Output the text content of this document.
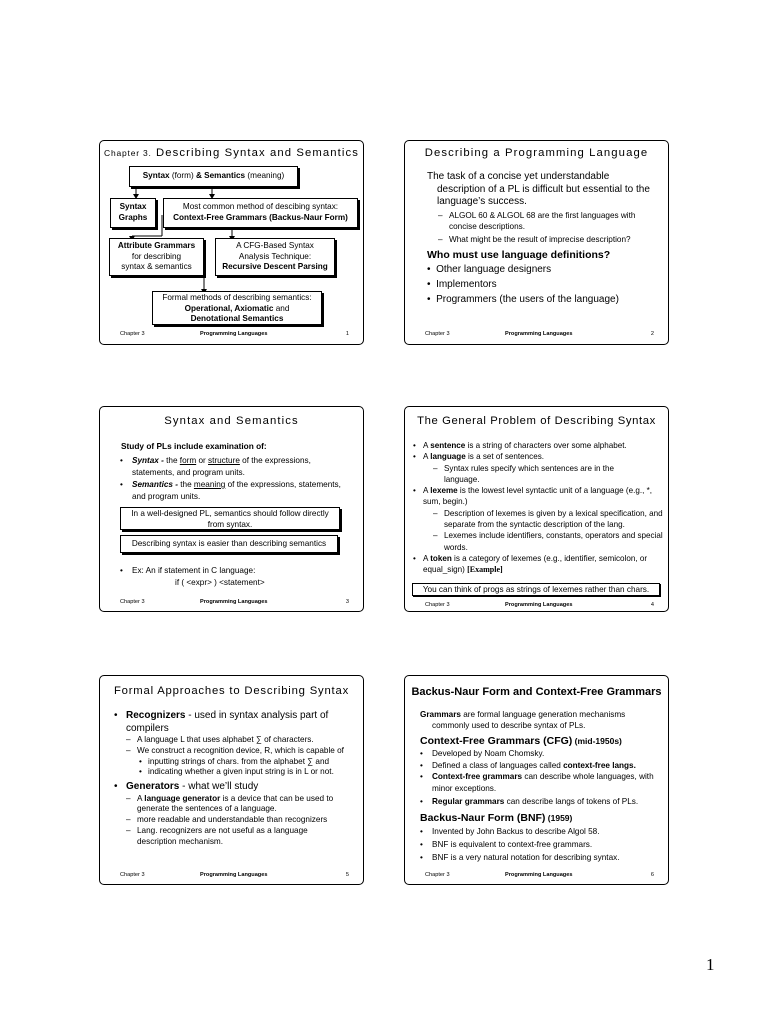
Chapter 3. Describing Syntax and Semantics
Syntax (form) & Semantics (meaning)
Syntax
Graphs
Most common method of descibing syntax:
Context-Free Grammars (Backus-Naur Form)
Attribute Grammars
for describing
syntax & semantics
A CFG-Based Syntax
Analysis Technique:
Recursive Descent Parsing
Formal methods of describing semantics:
Operational, Axiomatic and
Denotational Semantics
Chapter 3	Programming Languages	1
Describing a Programming Language
The task of a concise yet understandable description of a PL is difficult but essential to the language’s success.
– ALGOL 60 & ALGOL 68 are the first languages with concise descriptions.
– What might be the result of imprecise description?
Who must use language definitions?
•  Other language designers
•  Implementors
•  Programmers (the users of the language)
Chapter 3	Programming Languages	2
Syntax and Semantics
Study of PLs include examination of:
• Syntax - the form or structure of the expressions, statements, and program units.
• Semantics - the meaning of the expressions, statements, and program units.
In a well-designed PL, semantics should follow directly from syntax.
Describing syntax is easier than describing semantics
• Ex: An if statement in C language:
if ( <expr> ) <statement>
Chapter 3	Programming Languages	3
The General Problem of Describing Syntax
• A sentence is a string of characters over some alphabet.
• A language is a set of sentences.
– Syntax rules specify which sentences are in the language.
• A lexeme is the lowest level syntactic unit of a language (e.g., *, sum, begin.)
– Description of lexemes is given by a lexical specification, and separate from the syntactic description of the lang.
– Lexemes include identifiers, constants, operators and special words.
• A token is a category of lexemes (e.g., identifier, semicolon, or equal_sign) [Example]
You can think of progs as strings of lexemes rather than chars.
Chapter 3	Programming Languages	4
Formal Approaches to Describing Syntax
• Recognizers - used in syntax analysis part of compilers
– A language L that uses alphabet ∑ of characters.
– We construct a recognition device, R, which is capable of
• inputting strings of chars. from the alphabet ∑ and
• indicating whether a given input string is in L or not.
• Generators - what we’ll study
– A language generator is a device that can be used to generate the sentences of a language.
– more readable and understandable than recognizers
– Lang. recognizers are not useful as a language description mechanism.
Chapter 3	Programming Languages	5
Backus-Naur Form and Context-Free Grammars
Grammars are formal language generation mechanisms commonly used to describe syntax of PLs.
Context-Free Grammars (CFG) (mid-1950s)
• Developed by Noam Chomsky.
• Defined a class of languages called context-free langs.
• Context-free grammars can describe whole languages, with minor exceptions.
• Regular grammars can describe langs of tokens of PLs.
Backus-Naur Form (BNF) (1959)
• Invented by John Backus to describe Algol 58.
• BNF is equivalent to context-free grammars.
• BNF is a very natural notation for describing syntax.
Chapter 3	Programming Languages	6
1
